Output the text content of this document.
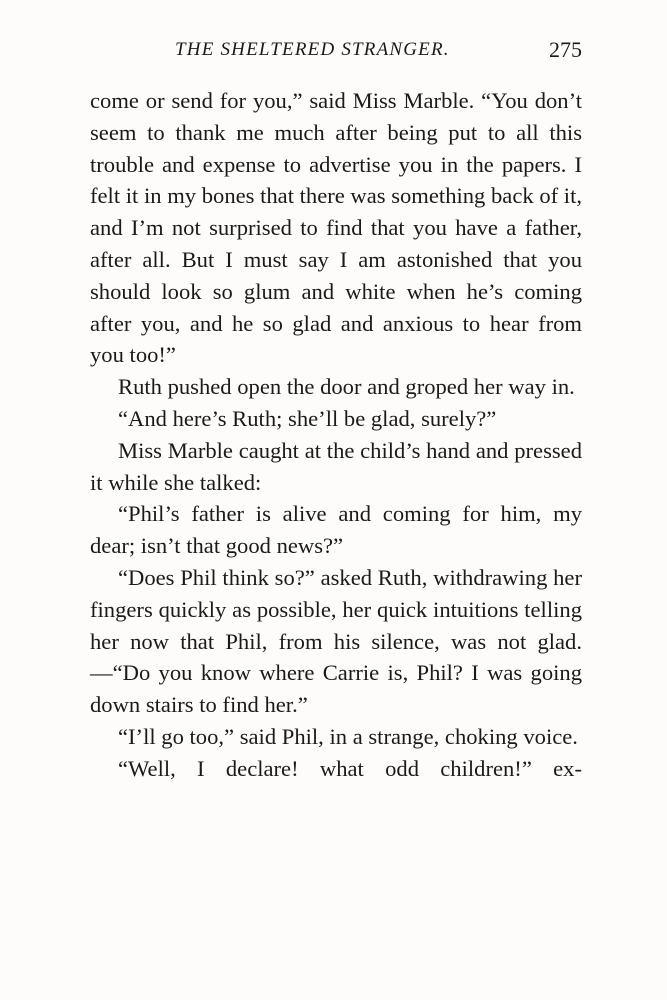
THE SHELTERED STRANGER.	275

come or send for you,” said Miss Marble. “You don’t seem to thank me much after being put to all this trouble and expense to advertise you in the papers. I felt it in my bones that there was something back of it, and I’m not surprised to find that you have a father, after all. But I must say I am astonished that you should look so glum and white when he’s coming after you, and he so glad and anxious to hear from you too!”

Ruth pushed open the door and groped her way in.

“And here’s Ruth; she’ll be glad, surely?”

Miss Marble caught at the child’s hand and pressed it while she talked:

“Phil’s father is alive and coming for him, my dear; isn’t that good news?”

“Does Phil think so?” asked Ruth, withdrawing her fingers quickly as possible, her quick intuitions telling her now that Phil, from his silence, was not glad.—“Do you know where Carrie is, Phil? I was going down stairs to find her.”

“I’ll go too,” said Phil, in a strange, choking voice.

“Well, I declare! what odd children!” ex-
